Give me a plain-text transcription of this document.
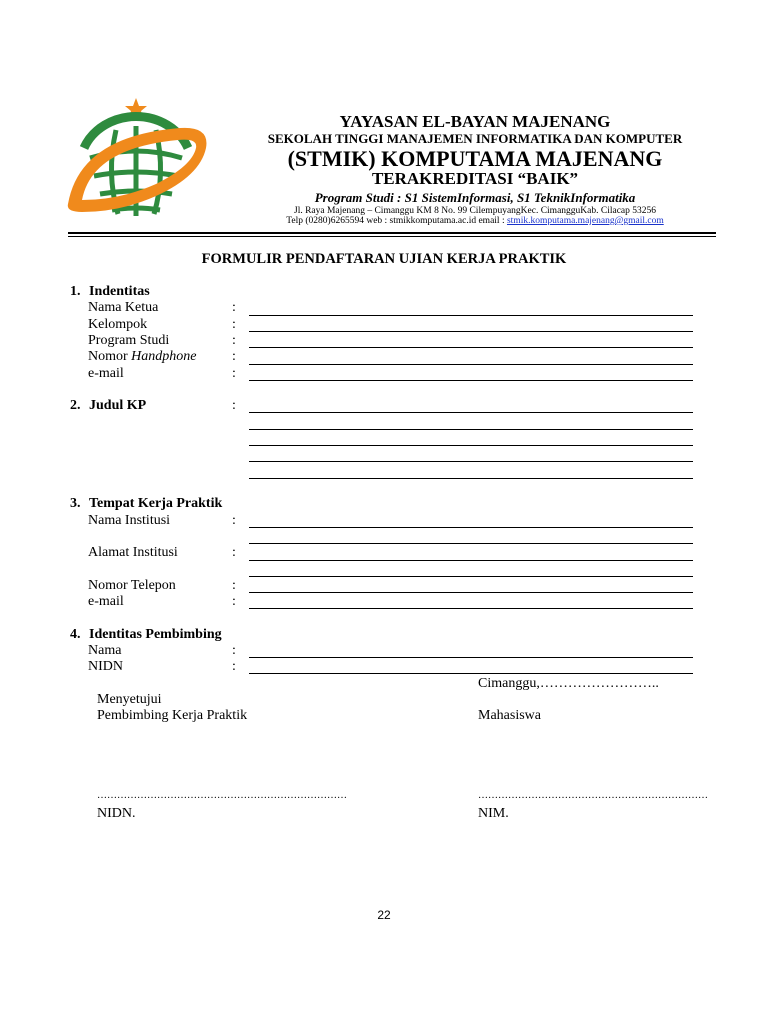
YAYASAN EL-BAYAN MAJENANG
SEKOLAH TINGGI MANAJEMEN INFORMATIKA DAN KOMPUTER
(STMIK) KOMPUTAMA MAJENANG
TERAKREDITASI “BAIK”
Program Studi : S1 SistemInformasi, S1 TeknikInformatika
Jl. Raya Majenang – Cimanggu KM 8 No. 99 CilempuyangKec. CimangguKab. Cilacap 53256
Telp (0280)6265594 web : stmikkomputama.ac.id email : stmik.komputama.majenang@gmail.com
FORMULIR PENDAFTARAN UJIAN KERJA PRAKTIK
1. Indentitas
Nama Ketua	:
Kelompok	:
Program Studi	:
Nomor Handphone	:
e-mail	:
2. Judul KP	:
3. Tempat Kerja Praktik
Nama Institusi	:
Alamat Institusi	:
Nomor Telepon	:
e-mail	:
4. Identitas Pembimbing
Nama	:
NIDN	:
Cimanggu,……………………..
Menyetujui
Pembimbing Kerja Praktik	Mahasiswa
…………………………………………………………………	……………………………………………………………
NIDN.	NIM.
22
